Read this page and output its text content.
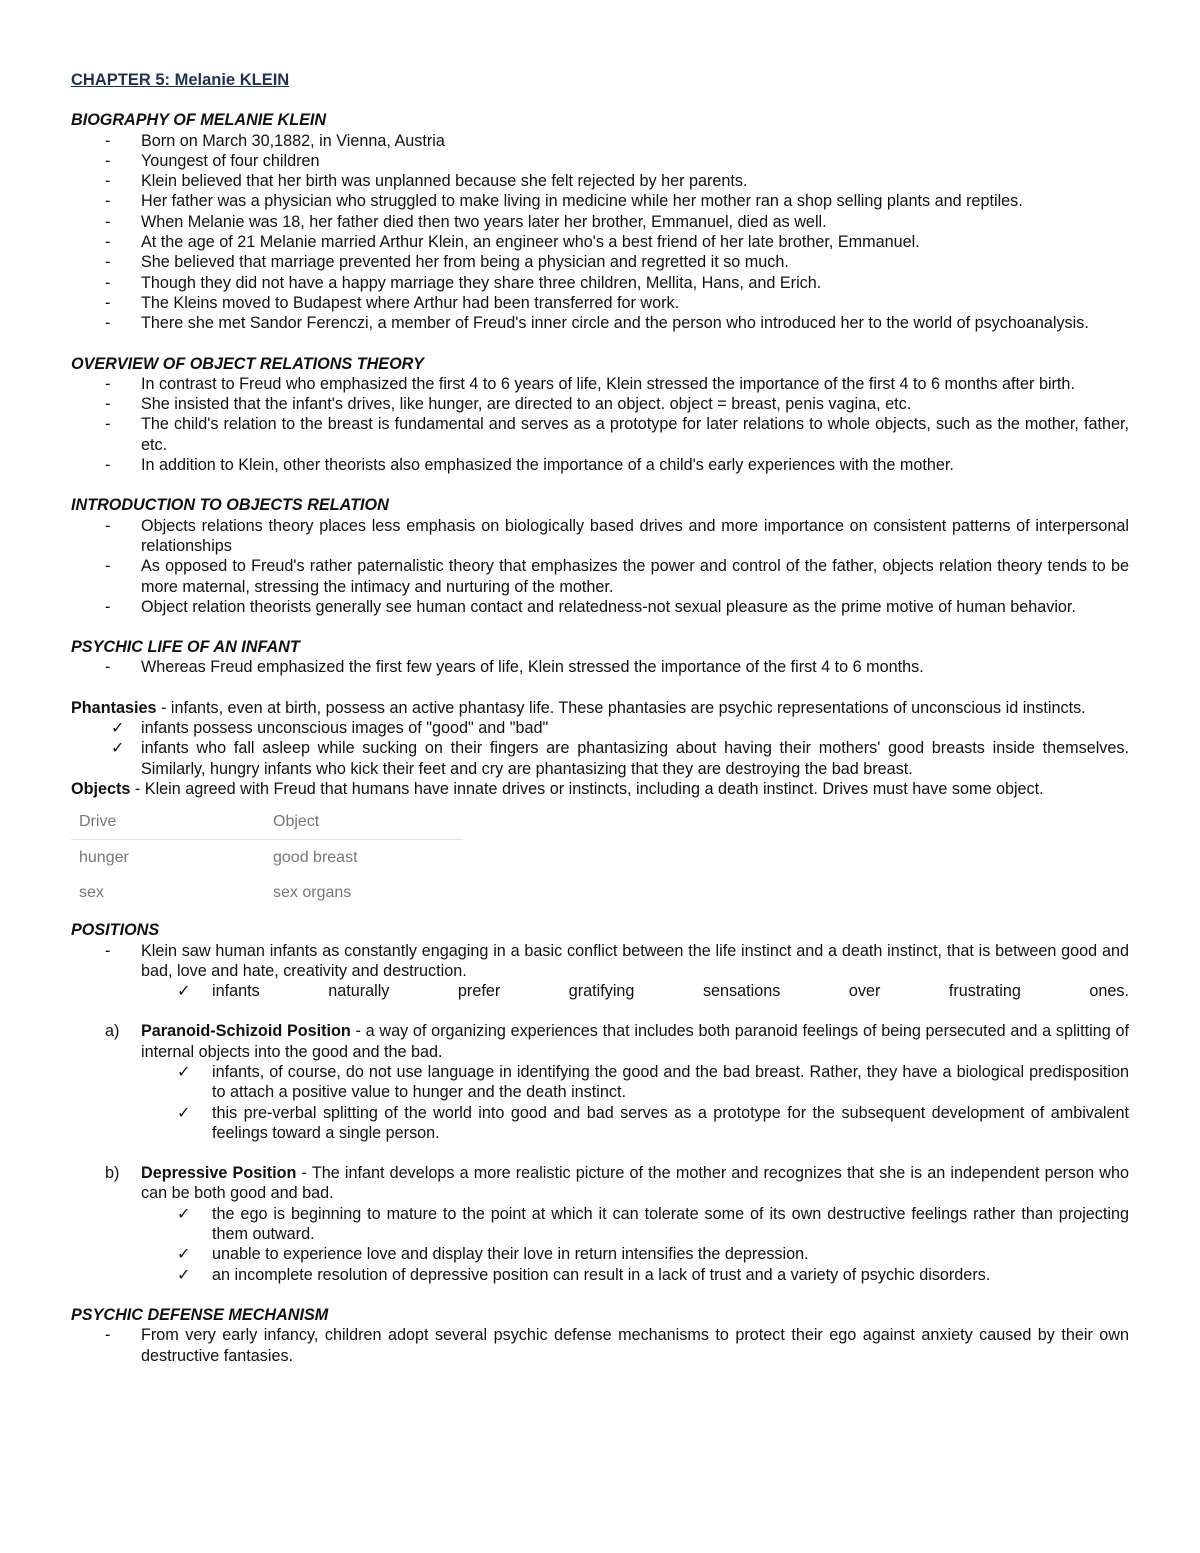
CHAPTER 5: Melanie KLEIN

BIOGRAPHY OF MELANIE KLEIN

-	Born on March 30,1882, in Vienna, Austria
-	Youngest of four children
-	Klein believed that her birth was unplanned because she felt rejected by her parents.
-	Her father was a physician who struggled to make living in medicine while her mother ran a shop selling plants and reptiles.
-	When Melanie was 18, her father died then two years later her brother, Emmanuel, died as well.
-	At the age of 21 Melanie married Arthur Klein, an engineer who's a best friend of her late brother, Emmanuel.
-	She believed that marriage prevented her from being a physician and regretted it so much.
-	Though they did not have a happy marriage they share three children, Mellita, Hans, and Erich.
-	The Kleins moved to Budapest where Arthur had been transferred for work.
-	There she met Sandor Ferenczi, a member of Freud's inner circle and the person who introduced her to the world of psychoanalysis.

OVERVIEW OF OBJECT RELATIONS THEORY

-	In contrast to Freud who emphasized the first 4 to 6 years of life, Klein stressed the importance of the first 4 to 6 months after birth.
-	She insisted that the infant's drives, like hunger, are directed to an object. object = breast, penis vagina, etc.
-	The child's relation to the breast is fundamental and serves as a prototype for later relations to whole objects, such as the mother, father, etc.
-	In addition to Klein, other theorists also emphasized the importance of a child's early experiences with the mother.

INTRODUCTION TO OBJECTS RELATION

-	Objects relations theory places less emphasis on biologically based drives and more importance on consistent patterns of interpersonal relationships
-	As opposed to Freud's rather paternalistic theory that emphasizes the power and control of the father, objects relation theory tends to be more maternal, stressing the intimacy and nurturing of the mother.
-	Object relation theorists generally see human contact and relatedness-not sexual pleasure as the prime motive of human behavior.

PSYCHIC LIFE OF AN INFANT

-	Whereas Freud emphasized the first few years of life, Klein stressed the importance of the first 4 to 6 months.

Phantasies - infants, even at birth, possess an active phantasy life. These phantasies are psychic representations of unconscious id instincts.

✓	infants possess unconscious images of "good" and "bad"
✓	infants who fall asleep while sucking on their fingers are phantasizing about having their mothers' good breasts inside themselves. Similarly, hungry infants who kick their feet and cry are phantasizing that they are destroying the bad breast.

Objects - Klein agreed with Freud that humans have innate drives or instincts, including a death instinct. Drives must have some object.

Drive	Object
hunger	good breast
sex	sex organs

POSITIONS

-	Klein saw human infants as constantly engaging in a basic conflict between the life instinct and a death instinct, that is between good and bad, love and hate, creativity and destruction.
✓	infants	naturally	prefer	gratifying	sensations	over	frustrating	ones.
a)	Paranoid-Schizoid Position - a way of organizing experiences that includes both paranoid feelings of being persecuted and a splitting of internal objects into the good and the bad.
✓	infants, of course, do not use language in identifying the good and the bad breast. Rather, they have a biological predisposition to attach a positive value to hunger and the death instinct.
✓	this pre-verbal splitting of the world into good and bad serves as a prototype for the subsequent development of ambivalent feelings toward a single person.
b)	Depressive Position - The infant develops a more realistic picture of the mother and recognizes that she is an independent person who can be both good and bad.
✓	the ego is beginning to mature to the point at which it can tolerate some of its own destructive feelings rather than projecting them outward.
✓	unable to experience love and display their love in return intensifies the depression.
✓	an incomplete resolution of depressive position can result in a lack of trust and a variety of psychic disorders.

PSYCHIC DEFENSE MECHANISM

-	From very early infancy, children adopt several psychic defense mechanisms to protect their ego against anxiety caused by their own destructive fantasies.
